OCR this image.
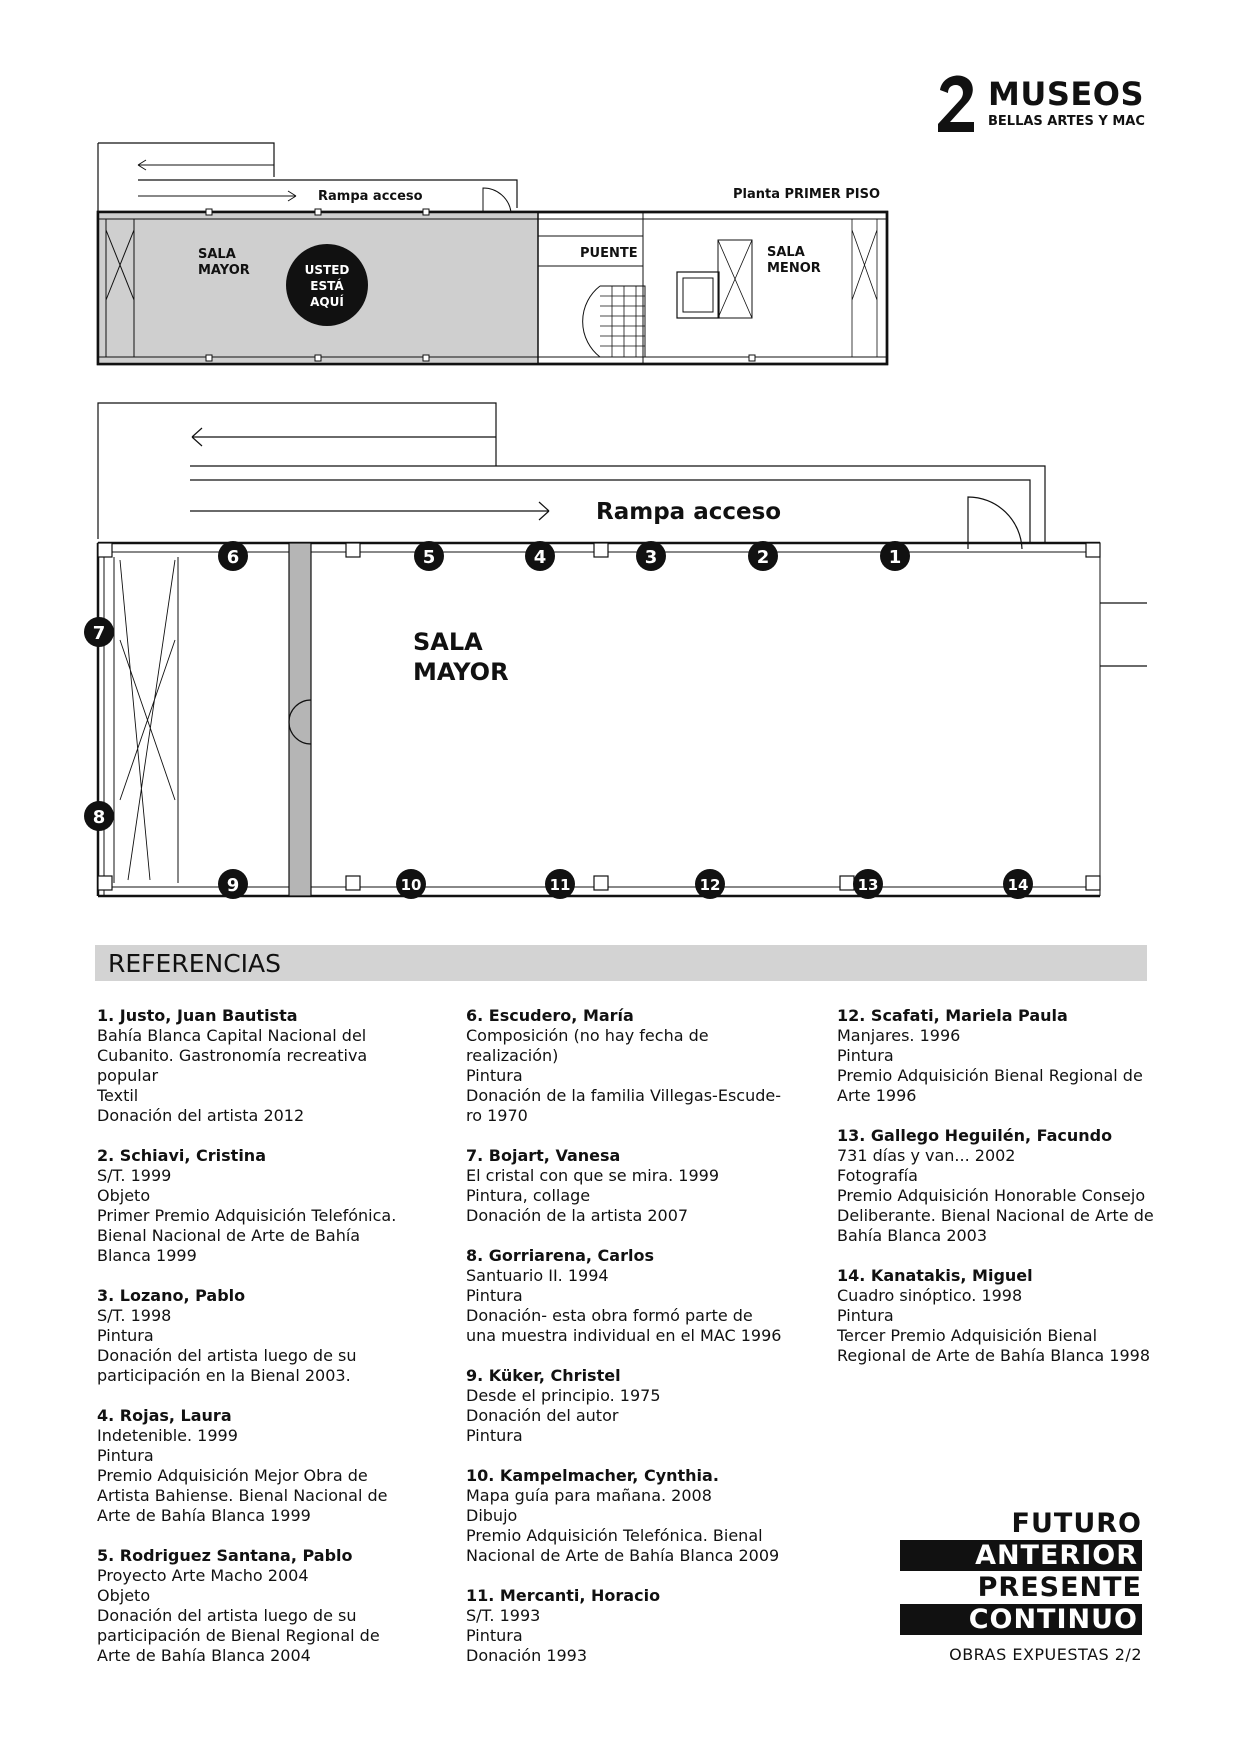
MUSEOS
BELLAS ARTES Y MAC
Rampa acceso	Planta PRIMER PISO
SALA
MAYOR	USTED
ESTÁ
AQUÍ
PUENTE	SALA
MENOR
Rampa acceso
SALA
MAYOR
1
2
3
4
5
6
7
8
9	10	11	12	13	14
REFERENCIAS
1. Justo, Juan Bautista
Bahía Blanca Capital Nacional del
Cubanito. Gastronomía recreativa
popular
Textil
Donación del artista 2012
2. Schiavi, Cristina
S/T. 1999
Objeto
Primer Premio Adquisición Telefónica.
Bienal Nacional de Arte de Bahía
Blanca 1999
3. Lozano, Pablo
S/T. 1998
Pintura
Donación del artista luego de su
participación en la Bienal 2003.
4. Rojas, Laura
Indetenible. 1999
Pintura
Premio Adquisición Mejor Obra de
Artista Bahiense. Bienal Nacional de
Arte de Bahía Blanca 1999
5. Rodriguez Santana, Pablo
Proyecto Arte Macho 2004
Objeto
Donación del artista luego de su
participación de Bienal Regional de
Arte de Bahía Blanca 2004
6. Escudero, María
Composición (no hay fecha de
realización)
Pintura
Donación de la familia Villegas-Escude-
ro 1970
7. Bojart, Vanesa
El cristal con que se mira. 1999
Pintura, collage
Donación de la artista 2007
8. Gorriarena, Carlos
Santuario II. 1994
Pintura
Donación- esta obra formó parte de
una muestra individual en el MAC 1996
9. Küker, Christel
Desde el principio. 1975
Donación del autor
Pintura
10. Kampelmacher, Cynthia.
Mapa guía para mañana. 2008
Dibujo
Premio Adquisición Telefónica. Bienal
Nacional de Arte de Bahía Blanca 2009
11. Mercanti, Horacio
S/T. 1993
Pintura
Donación 1993
12. Scafati, Mariela Paula
Manjares. 1996
Pintura
Premio Adquisición Bienal Regional de
Arte 1996
13. Gallego Heguilén, Facundo
731 días y van... 2002
Fotografía
Premio Adquisición Honorable Consejo
Deliberante. Bienal Nacional de Arte de
Bahía Blanca 2003
14. Kanatakis, Miguel
Cuadro sinóptico. 1998
Pintura
Tercer Premio Adquisición Bienal
Regional de Arte de Bahía Blanca 1998
FUTURO
ANTERIOR
PRESENTE
CONTINUO
OBRAS EXPUESTAS 2/2
